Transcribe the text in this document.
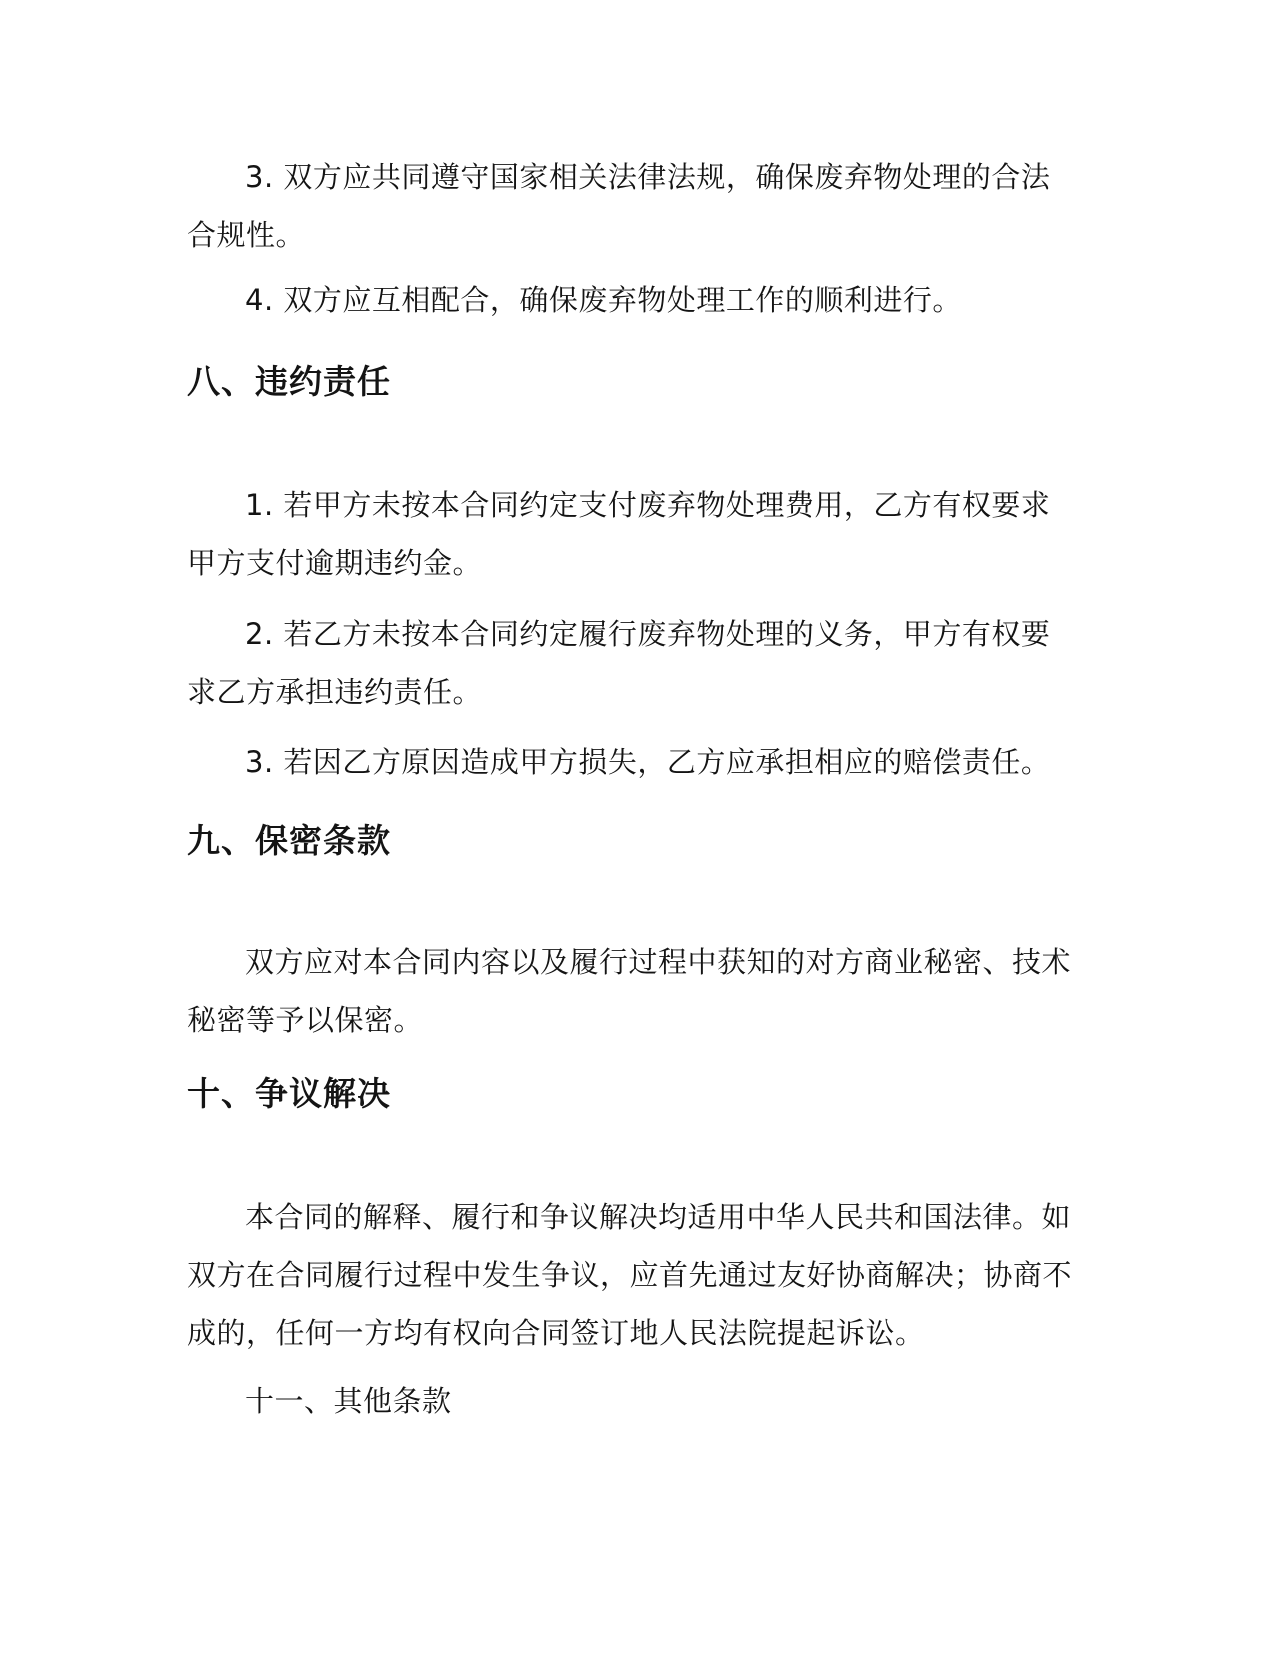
3. 双方应共同遵守国家相关法律法规，确保废弃物处理的合法合规性。

4. 双方应互相配合，确保废弃物处理工作的顺利进行。

八、违约责任

1. 若甲方未按本合同约定支付废弃物处理费用，乙方有权要求甲方支付逾期违约金。

2. 若乙方未按本合同约定履行废弃物处理的义务，甲方有权要求乙方承担违约责任。

3. 若因乙方原因造成甲方损失，乙方应承担相应的赔偿责任。

九、保密条款

双方应对本合同内容以及履行过程中获知的对方商业秘密、技术秘密等予以保密。

十、争议解决

本合同的解释、履行和争议解决均适用中华人民共和国法律。如双方在合同履行过程中发生争议，应首先通过友好协商解决；协商不成的，任何一方均有权向合同签订地人民法院提起诉讼。

十一、其他条款
